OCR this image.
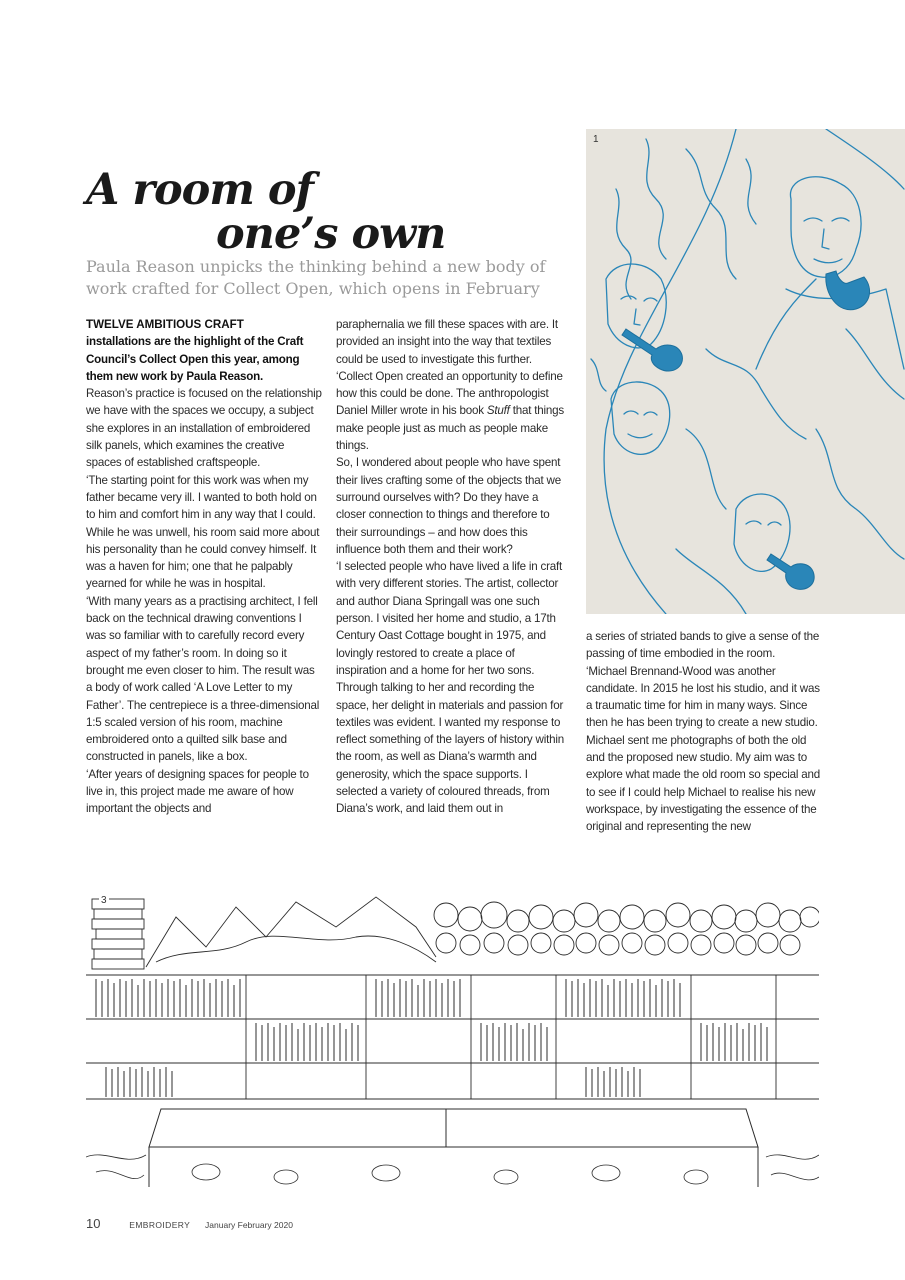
A room of
one’s own
Paula Reason unpicks the thinking behind a new body of work crafted for Collect Open, which opens in February

TWELVE AMBITIOUS CRAFT
installations are the highlight of the Craft Council’s Collect Open this year, among them new work by Paula Reason.

Reason’s practice is focused on the relationship we have with the spaces we occupy, a subject she explores in an installation of embroidered silk panels, which examines the creative spaces of established craftspeople.

‘The starting point for this work was when my father became very ill. I wanted to both hold on to him and comfort him in any way that I could. While he was unwell, his room said more about his personality than he could convey himself. It was a haven for him; one that he palpably yearned for while he was in hospital.

‘With many years as a practising architect, I fell back on the technical drawing conventions I was so familiar with to carefully record every aspect of my father’s room. In doing so it brought me even closer to him. The result was a body of work called ‘A Love Letter to my Father’. The centrepiece is a three-dimensional 1:5 scaled version of his room, machine embroidered onto a quilted silk base and constructed in panels, like a box.

‘After years of designing spaces for people to live in, this project made me aware of how important the objects and

paraphernalia we fill these spaces with are. It provided an insight into the way that textiles could be used to investigate this further.

‘Collect Open created an opportunity to define how this could be done. The anthropologist Daniel Miller wrote in his book Stuff that things make people just as much as people make things.

So, I wondered about people who have spent their lives crafting some of the objects that we surround ourselves with? Do they have a closer connection to things and therefore to their surroundings – and how does this influence both them and their work?

‘I selected people who have lived a life in craft with very different stories. The artist, collector and author Diana Springall was one such person. I visited her home and studio, a 17th Century Oast Cottage bought in 1975, and lovingly restored to create a place of inspiration and a home for her two sons. Through talking to her and recording the space, her delight in materials and passion for textiles was evident. I wanted my response to reflect something of the layers of history within the room, as well as Diana’s warmth and generosity, which the space supports. I selected a variety of coloured threads, from Diana’s work, and laid them out in

a series of striated bands to give a sense of the passing of time embodied in the room.

‘Michael Brennand-Wood was another candidate. In 2015 he lost his studio, and it was a traumatic time for him in many ways. Since then he has been trying to create a new studio. Michael sent me photographs of both the old and the proposed new studio. My aim was to explore what made the old room so special and to see if I could help Michael to realise his new workspace, by investigating the essence of the original and representing the new

1
3
10	EMBROIDERY January February 2020
